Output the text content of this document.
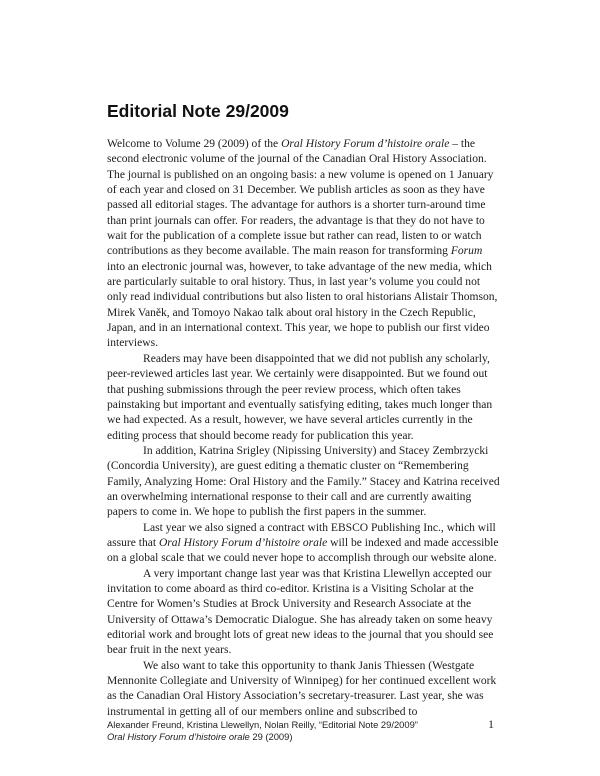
Editorial Note 29/2009

Welcome to Volume 29 (2009) of the Oral History Forum d’histoire orale – the second electronic volume of the journal of the Canadian Oral History Association. The journal is published on an ongoing basis: a new volume is opened on 1 January of each year and closed on 31 December. We publish articles as soon as they have passed all editorial stages. The advantage for authors is a shorter turn-around time than print journals can offer. For readers, the advantage is that they do not have to wait for the publication of a complete issue but rather can read, listen to or watch contributions as they become available. The main reason for transforming Forum into an electronic journal was, however, to take advantage of the new media, which are particularly suitable to oral history. Thus, in last year’s volume you could not only read individual contributions but also listen to oral historians Alistair Thomson, Mirek Vaněk, and Tomoyo Nakao talk about oral history in the Czech Republic, Japan, and in an international context. This year, we hope to publish our first video interviews.

Readers may have been disappointed that we did not publish any scholarly, peer-reviewed articles last year. We certainly were disappointed. But we found out that pushing submissions through the peer review process, which often takes painstaking but important and eventually satisfying editing, takes much longer than we had expected. As a result, however, we have several articles currently in the editing process that should become ready for publication this year.

In addition, Katrina Srigley (Nipissing University) and Stacey Zembrzycki (Concordia University), are guest editing a thematic cluster on “Remembering Family, Analyzing Home: Oral History and the Family.” Stacey and Katrina received an overwhelming international response to their call and are currently awaiting papers to come in. We hope to publish the first papers in the summer.

Last year we also signed a contract with EBSCO Publishing Inc., which will assure that Oral History Forum d’histoire orale will be indexed and made accessible on a global scale that we could never hope to accomplish through our website alone.

A very important change last year was that Kristina Llewellyn accepted our invitation to come aboard as third co-editor. Kristina is a Visiting Scholar at the Centre for Women’s Studies at Brock University and Research Associate at the University of Ottawa’s Democratic Dialogue. She has already taken on some heavy editorial work and brought lots of great new ideas to the journal that you should see bear fruit in the next years.

We also want to take this opportunity to thank Janis Thiessen (Westgate Mennonite Collegiate and University of Winnipeg) for her continued excellent work as the Canadian Oral History Association’s secretary-treasurer. Last year, she was instrumental in getting all of our members online and subscribed to

Alexander Freund, Kristina Llewellyn, Nolan Reilly, “Editorial Note 29/2009”
Oral History Forum d’histoire orale 29 (2009)
1
